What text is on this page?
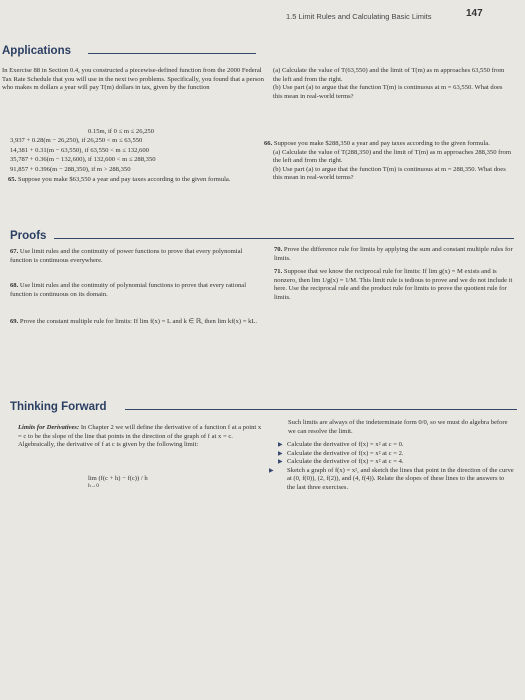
1.5 Limit Rules and Calculating Basic Limits	147
Applications
In Exercise 88 in Section 0.4, you constructed a piecewise-defined function from the 2000 Federal Tax Rate Schedule that you will use in the next two problems. Specifically, you found that a person who makes m dollars a year will pay T(m) dollars in tax, given by the function
0.15m, if 0 ≤ m ≤ 26,250
3,937 + 0.28(m − 26,250), if 26,250 < m ≤ 63,550
14,381 + 0.31(m − 63,550), if 63,550 < m ≤ 132,600
35,787 + 0.36(m − 132,600), if 132,600 < m ≤ 288,350
91,857 + 0.396(m − 288,350), if m > 288,350
65. Suppose you make $63,550 a year and pay taxes according to the given formula.

(a) Calculate the value of T(63,550) and the limit of T(m) as m approaches 63,550 from the left and from the right.

(b) Use part (a) to argue that the function T(m) is continuous at m = 63,550. What does this mean in real-world terms?

66. Suppose you make $288,350 a year and pay taxes according to the given formula.

(a) Calculate the value of T(288,350) and the limit of T(m) as m approaches 288,350 from the left and from the right.

(b) Use part (a) to argue that the function T(m) is continuous at m = 288,350. What does this mean in real-world terms?

Proofs
67. Use limit rules and the continuity of power functions to prove that every polynomial function is continuous everywhere.
68. Use limit rules and the continuity of polynomial functions to prove that every rational function is continuous on its domain.
69. Prove the constant multiple rule for limits: If lim f(x) = L and k ∈ ℝ, then lim kf(x) = kL.
70. Prove the difference rule for limits by applying the sum and constant multiple rules for limits.
71. Suppose that we know the reciprocal rule for limits: If lim g(x) = M exists and is nonzero, then lim 1/g(x) = 1/M. This limit rule is tedious to prove and we do not include it here. Use the reciprocal rule and the product rule for limits to prove the quotient rule for limits.
Thinking Forward
Limits for Derivatives: In Chapter 2 we will define the derivative of a function f at a point x = c to be the slope of the line that points in the direction of the graph of f at x = c. Algebraically, the derivative of f at c is given by the following limit:
lim (f(c + h) − f(c)) / h
h→0
Such limits are always of the indeterminate form 0/0, so we must do algebra before we can resolve the limit.

▶ Calculate the derivative of f(x) = x² at c = 0.

▶ Calculate the derivative of f(x) = x² at c = 2.

▶ Calculate the derivative of f(x) = x² at c = 4.

▶ Sketch a graph of f(x) = x², and sketch the lines that point in the direction of the curve at (0, f(0)), (2, f(2)), and (4, f(4)). Relate the slopes of these lines to the answers to the last three exercises.
